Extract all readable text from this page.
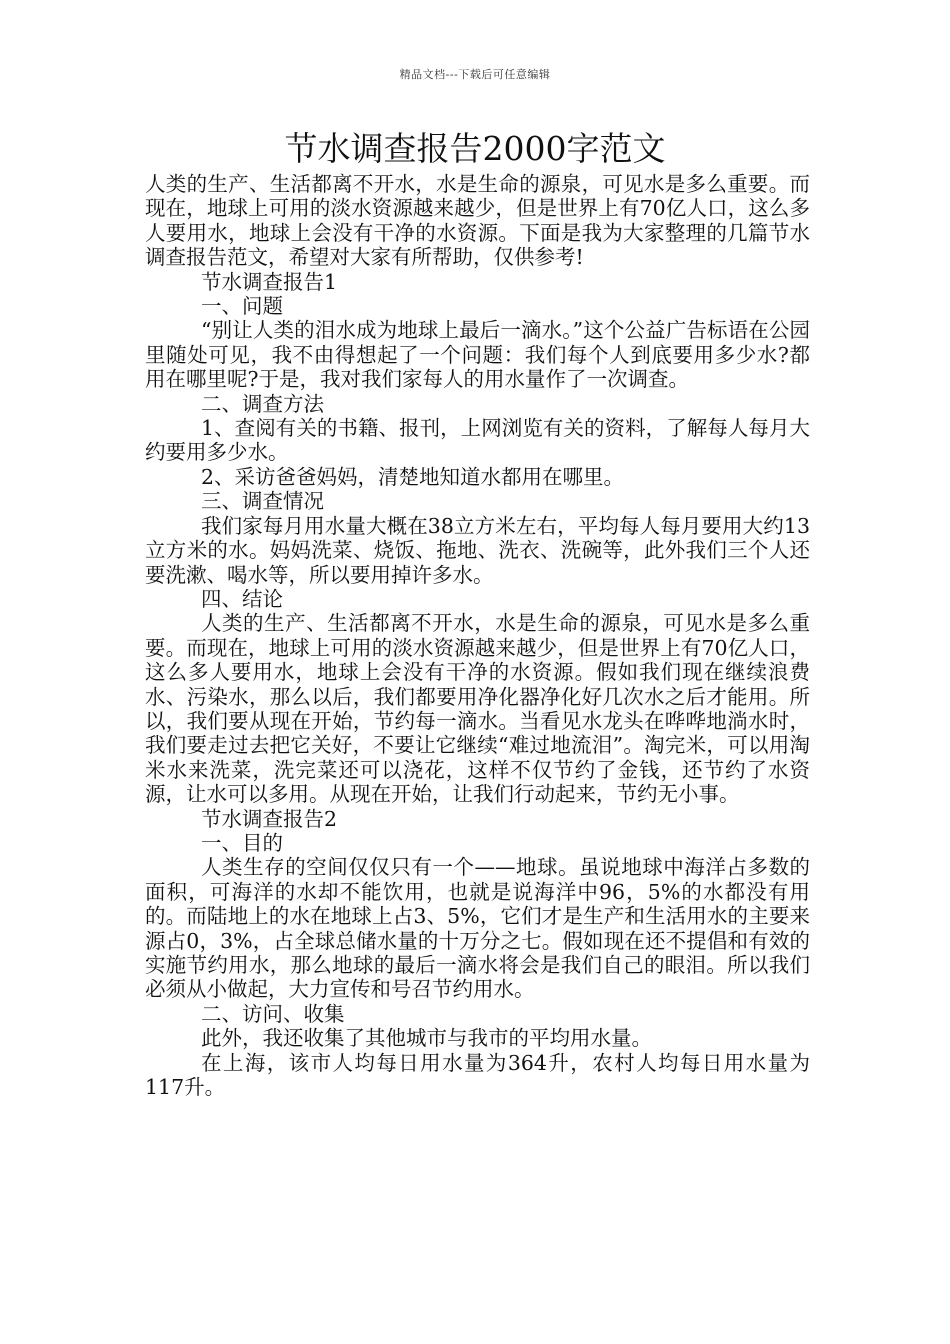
精品文档---下载后可任意编辑
节水调查报告2000字范文

人类的生产、生活都离不开水，水是生命的源泉，可见水是多么重要。而现在，地球上可用的淡水资源越来越少，但是世界上有70亿人口，这么多人要用水，地球上会没有干净的水资源。下面是我为大家整理的几篇节水调查报告范文，希望对大家有所帮助，仅供参考!

节水调查报告1

一、问题

“别让人类的泪水成为地球上最后一滴水。”这个公益广告标语在公园里随处可见，我不由得想起了一个问题：我们每个人到底要用多少水?都用在哪里呢?于是，我对我们家每人的用水量作了一次调查。

二、调查方法

1、查阅有关的书籍、报刊，上网浏览有关的资料，了解每人每月大约要用多少水。

2、采访爸爸妈妈，清楚地知道水都用在哪里。

三、调查情况

我们家每月用水量大概在38立方米左右，平均每人每月要用大约13立方米的水。妈妈洗菜、烧饭、拖地、洗衣、洗碗等，此外我们三个人还要洗漱、喝水等，所以要用掉许多水。

四、结论

人类的生产、生活都离不开水，水是生命的源泉，可见水是多么重要。而现在，地球上可用的淡水资源越来越少，但是世界上有70亿人口，这么多人要用水，地球上会没有干净的水资源。假如我们现在继续浪费水、污染水，那么以后，我们都要用净化器净化好几次水之后才能用。所以，我们要从现在开始，节约每一滴水。当看见水龙头在哗哗地淌水时，我们要走过去把它关好，不要让它继续“难过地流泪”。淘完米，可以用淘米水来洗菜，洗完菜还可以浇花，这样不仅节约了金钱，还节约了水资源，让水可以多用。从现在开始，让我们行动起来，节约无小事。

节水调查报告2

一、目的

人类生存的空间仅仅只有一个——地球。虽说地球中海洋占多数的面积，可海洋的水却不能饮用，也就是说海洋中96，5%的水都没有用的。而陆地上的水在地球上占3、5%，它们才是生产和生活用水的主要来源占0，3%，占全球总储水量的十万分之七。假如现在还不提倡和有效的实施节约用水，那么地球的最后一滴水将会是我们自己的眼泪。所以我们必须从小做起，大力宣传和号召节约用水。

二、访问、收集

此外，我还收集了其他城市与我市的平均用水量。

在上海，该市人均每日用水量为364升，农村人均每日用水量为117升。
